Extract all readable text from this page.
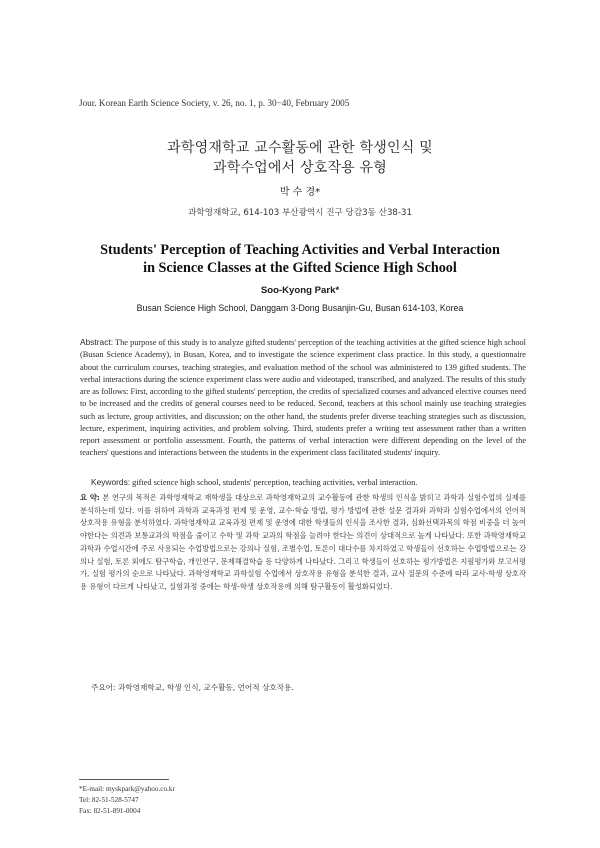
Jour. Korean Earth Science Society, v. 26, no. 1, p. 30−40, February 2005
과학영재학교 교수활동에 관한 학생인식 및
과학수업에서 상호작용 유형
박 수 경*
과학영재학교, 614-103 부산광역시 진구 당감3동 산38-31
Students' Perception of Teaching Activities and Verbal Interaction
in Science Classes at the Gifted Science High School
Soo-Kyong Park*
Busan Science High School, Danggam 3-Dong Busanjin-Gu, Busan 614-103, Korea
Abstract: The purpose of this study is to analyze gifted students' perception of the teaching activities at the gifted science high school (Busan Science Academy), in Busan, Korea, and to investigate the science experiment class practice. In this study, a questionnaire about the curriculum courses, teaching strategies, and evaluation method of the school was administered to 139 gifted students. The verbal interactions during the science experiment class were audio and videotaped, transcribed, and analyzed. The results of this study are as follows: First, according to the gifted students' perception, the credits of specialized courses and advanced elective courses need to be increased and the credits of general courses need to be reduced. Second, teachers at this school mainly use teaching strategies such as lecture, group activities, and discussion; on the other hand, the students prefer diverse teaching strategies such as discussion, lecture, experiment, inquiring activities, and problem solving. Third, students prefer a writing test assessment rather than a written report assessment or portfolio assessment. Fourth, the patterns of verbal interaction were different depending on the level of the teachers' questions and interactions between the students in the experiment class facilitated students' inquiry.
Keywords: gifted science high school, students' perception, teaching activities, verbal interaction.
요 약: 본 연구의 목적은 과학영재학교 재학생을 대상으로 과학영재학교의 교수활동에 관한 학생의 인식을 밝히고 과학과 실험수업의 실제를 분석하는데 있다. 이를 위하여 과학과 교육과정 편제 및 운영, 교수·학습 방법, 평가 방법에 관한 설문 결과와 과학과 실험수업에서의 언어적 상호작용 유형을 분석하였다. 과학영재학교 교육과정 편제 및 운영에 대한 학생들의 인식을 조사한 결과, 심화선택과목의 학점 비중을 더 높여야한다는 의견과 보통교과의 학점을 줄이고 수학 및 과학 교과의 학점을 늘려야 한다는 의견이 상대적으로 높게 나타났다. 또한 과학영재학교 과학과 수업시간에 주로 사용되는 수업방법으로는 강의나 실험, 조별수업, 토론이 대다수를 차지하였고 학생들이 선호하는 수업방법으로는 강의나 실험, 토론 외에도 탐구학습, 개인연구, 문제해결학습 등 다양하게 나타났다. 그리고 학생들이 선호하는 평가방법은 지필평가와 보고서평가, 실험 평가의 순으로 나타났다. 과학영재학교 과학실험 수업에서 상호작용 유형을 분석한 결과, 교사 질문의 수준에 따라 교사-학생 상호작용 유형이 다르게 나타났고, 실험과정 중에는 학생-학생 상호작용에 의해 탐구활동이 활성화되었다.
주요어: 과학영재학교, 학생 인식, 교수활동, 언어적 상호작용.
*E-mail: myskpark@yahoo.co.kr
Tel: 82-51-528-5747
Fax: 82-51-891-0004
